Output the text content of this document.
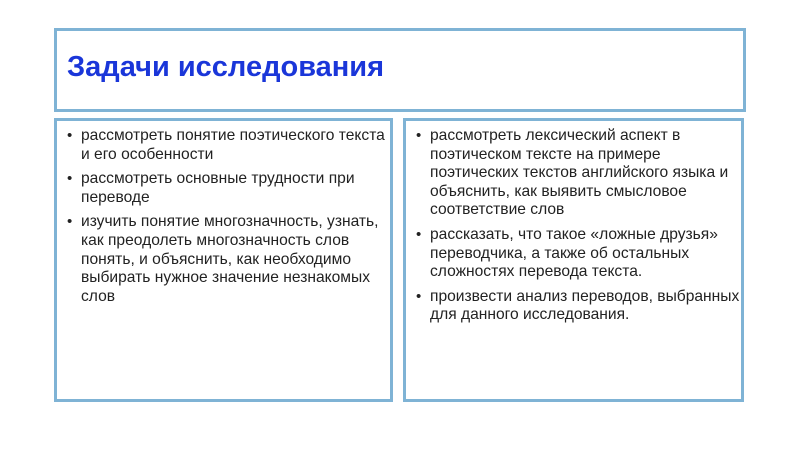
Задачи исследования
• рассмотреть понятие поэтического текста и его особенности
• рассмотреть основные трудности при переводе
• изучить понятие многозначность, узнать, как преодолеть многозначность слов понять, и объяснить, как необходимо выбирать нужное значение незнакомых слов
• рассмотреть лексический аспект в поэтическом тексте на примере поэтических текстов английского языка и объяснить, как выявить смысловое соответствие слов
• рассказать, что такое «ложные друзья» переводчика, а также об остальных сложностях перевода текста.
• произвести анализ переводов, выбранных для данного исследования.
